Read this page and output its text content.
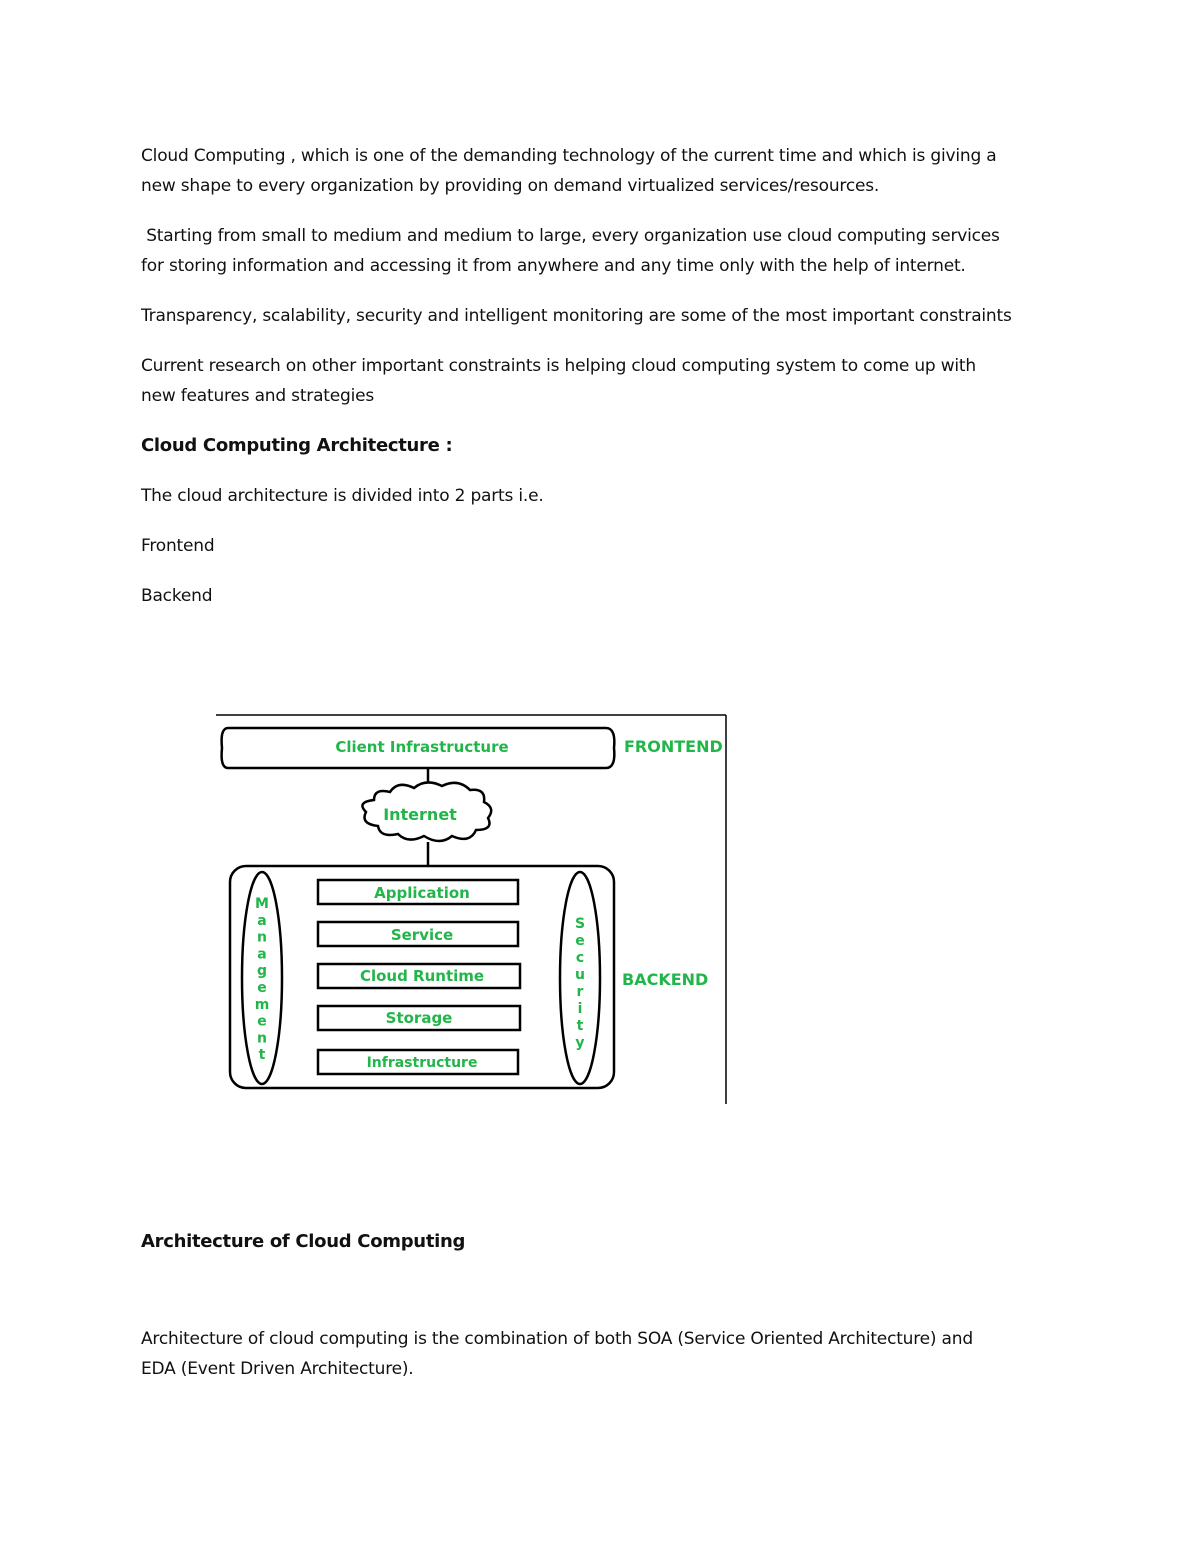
Cloud Computing , which is one of the demanding technology of the current time and which is giving a
new shape to every organization by providing on demand virtualized services/resources.

Starting from small to medium and medium to large, every organization use cloud computing services
for storing information and accessing it from anywhere and any time only with the help of internet.

Transparency, scalability, security and intelligent monitoring are some of the most important constraints

Current research on other important constraints is helping cloud computing system to come up with
new features and strategies

Cloud Computing Architecture :

The cloud architecture is divided into 2 parts i.e.

Frontend

Backend

Client Infrastructure	FRONTEND
Internet
M a n a g e m e n t
S e c u r i t y
Application
Service
Cloud Runtime
Storage
Infrastructure
BACKEND
Architecture of Cloud Computing

Architecture of cloud computing is the combination of both SOA (Service Oriented Architecture) and
EDA (Event Driven Architecture).
